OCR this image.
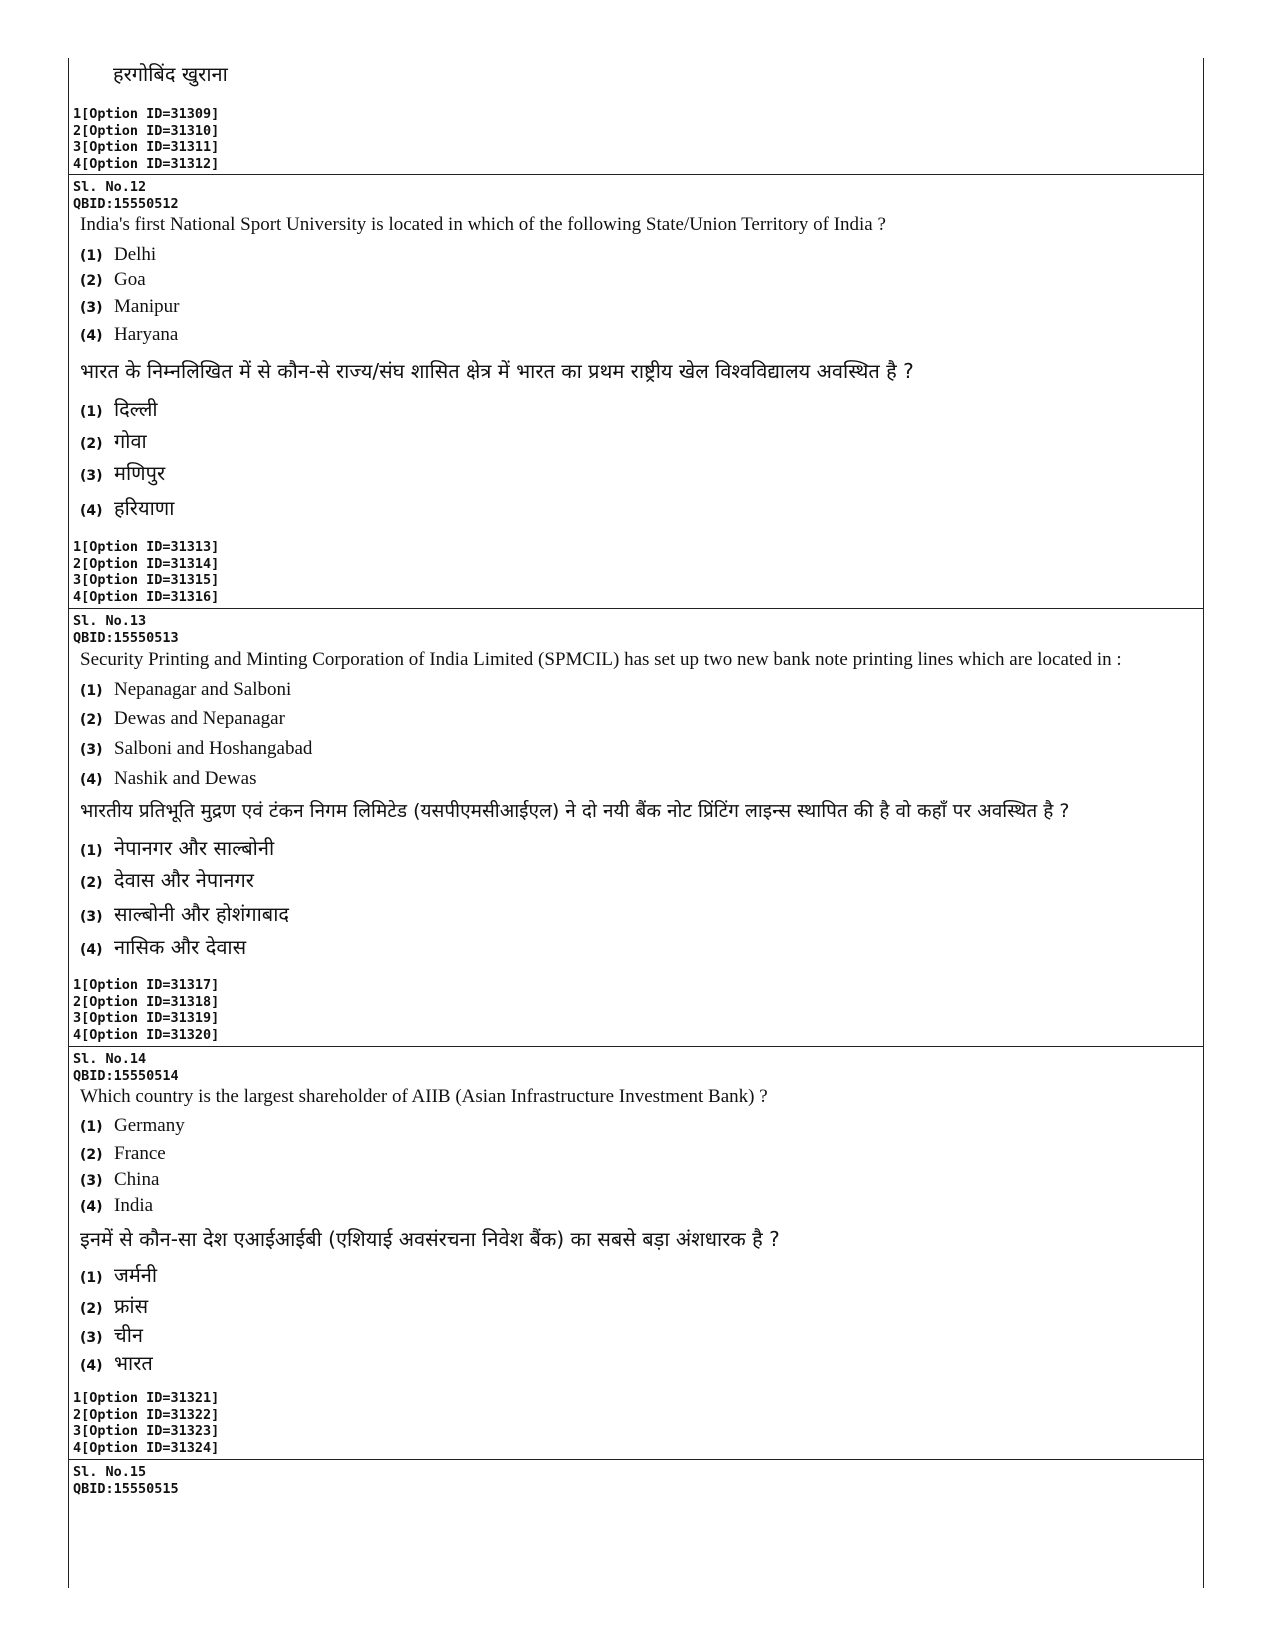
हरगोबिंद खुराना
1[Option ID=31309]
2[Option ID=31310]
3[Option ID=31311]
4[Option ID=31312]
Sl. No.12
QBID:15550512
India's first National Sport University is located in which of the following State/Union Territory of India ?
(1) Delhi
(2) Goa
(3) Manipur
(4) Haryana
भारत के निम्नलिखित में से कौन-से राज्य/संघ शासित क्षेत्र में भारत का प्रथम राष्ट्रीय खेल विश्वविद्यालय अवस्थित है ?
(1) दिल्ली
(2) गोवा
(3) मणिपुर
(4) हरियाणा
1[Option ID=31313]
2[Option ID=31314]
3[Option ID=31315]
4[Option ID=31316]
Sl. No.13
QBID:15550513
Security Printing and Minting Corporation of India Limited (SPMCIL) has set up two new bank note printing lines which are located in :
(1) Nepanagar and Salboni
(2) Dewas and Nepanagar
(3) Salboni and Hoshangabad
(4) Nashik and Dewas
भारतीय प्रतिभूति मुद्रण एवं टंकन निगम लिमिटेड (यसपीएमसीआईएल) ने दो नयी बैंक नोट प्रिंटिंग लाइन्स स्थापित की है वो कहाँ पर अवस्थित है ?
(1) नेपानगर और साल्बोनी
(2) देवास और नेपानगर
(3) साल्बोनी और होशंगाबाद
(4) नासिक और देवास
1[Option ID=31317]
2[Option ID=31318]
3[Option ID=31319]
4[Option ID=31320]
Sl. No.14
QBID:15550514
Which country is the largest shareholder of AIIB (Asian Infrastructure Investment Bank) ?
(1) Germany
(2) France
(3) China
(4) India
इनमें से कौन-सा देश एआईआईबी (एशियाई अवसंरचना निवेश बैंक) का सबसे बड़ा अंशधारक है ?
(1) जर्मनी
(2) फ्रांस
(3) चीन
(4) भारत
1[Option ID=31321]
2[Option ID=31322]
3[Option ID=31323]
4[Option ID=31324]
Sl. No.15
QBID:15550515
